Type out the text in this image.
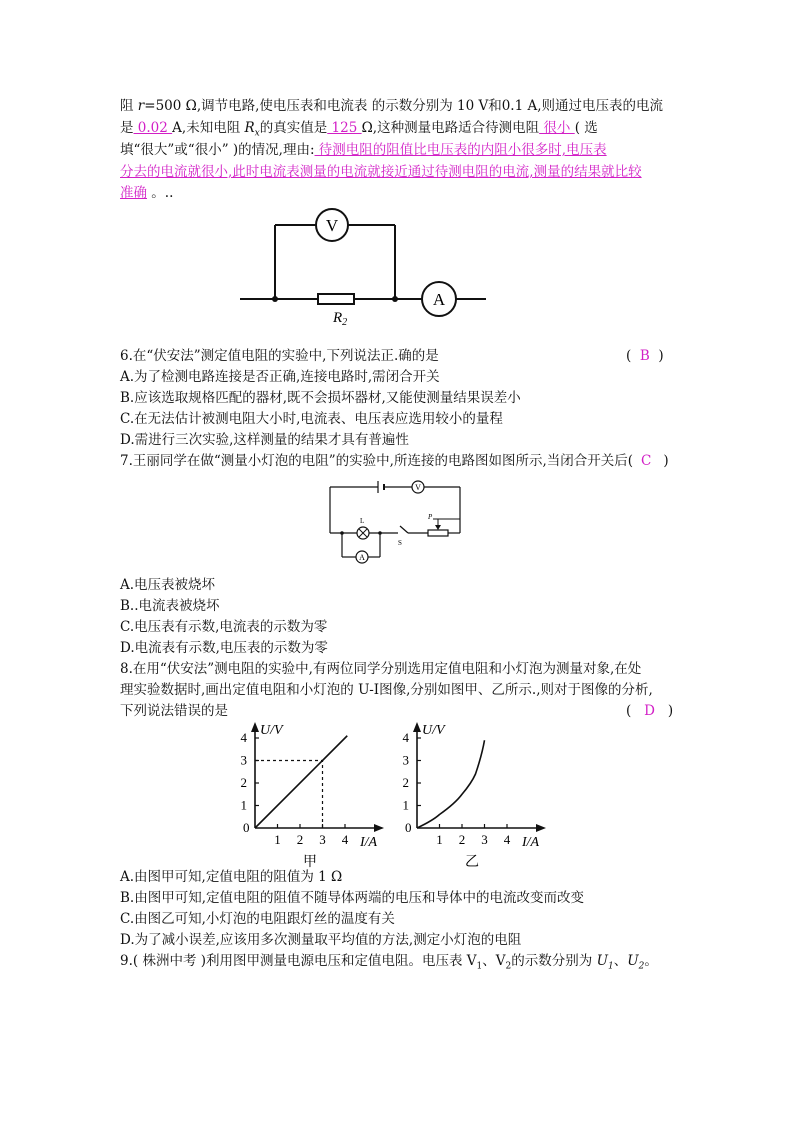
阻 r=500 Ω,调节电路,使电压表和电流表 的示数分别为 10 V和0.1 A,则通过电压表的电流
是 0.02 A,未知电阻 $R_x$的真实值是 125 Ω,这种测量电路适合待测电阻 很小 ( 选
填“很大”或“很小” )的情况,理由: 待测电阻的阻值比电压表的内阻小很多时,电压表
分去的电流就很小,此时电流表测量的电流就接近通过待测电阻的电流,测量的结果就比较
准确 。..
V
A
$R_2$
6.在“伏安法”测定值电阻的实验中,下列说法正.确的是	(  B  )
A.为了检测电路连接是否正确,连接电路时,需闭合开关
B.应该选取规格匹配的器材,既不会损坏器材,又能使测量结果误差小
C.在无法估计被测电阻大小时,电流表、电压表应选用较小的量程
D.需进行三次实验,这样测量的结果才具有普遍性
7.王丽同学在做“测量小灯泡的电阻”的实验中,所连接的电路图如图所示,当闭合开关后( C )
V
L
A
S
P
A.电压表被烧坏
B..电流表被烧坏
C.电压表有示数,电流表的示数为零
D.电流表有示数,电压表的示数为零
8.在用“伏安法”测电阻的实验中,有两位同学分别选用定值电阻和小灯泡为测量对象,在处
理实验数据时,画出定值电阻和小灯泡的 U-I图像,分别如图甲、乙所示.,则对于图像的分析,
下列说法错误的是	(   D   )
U/V
I/A
0
1 2 3 4
1
2
3
4
甲
U/V
I/A
0
1 2 3 4
1
2
3
4
乙
A.由图甲可知,定值电阻的阻值为 1 Ω
B.由图甲可知,定值电阻的阻值不随导体两端的电压和导体中的电流改变而改变
C.由图乙可知,小灯泡的电阻跟灯丝的温度有关
D.为了减小误差,应该用多次测量取平均值的方法,测定小灯泡的电阻
9.( 株洲中考 )利用图甲测量电源电压和定值电阻。电压表 $V_1$、$V_2$的示数分别为 $U_1$、$U_2$。
